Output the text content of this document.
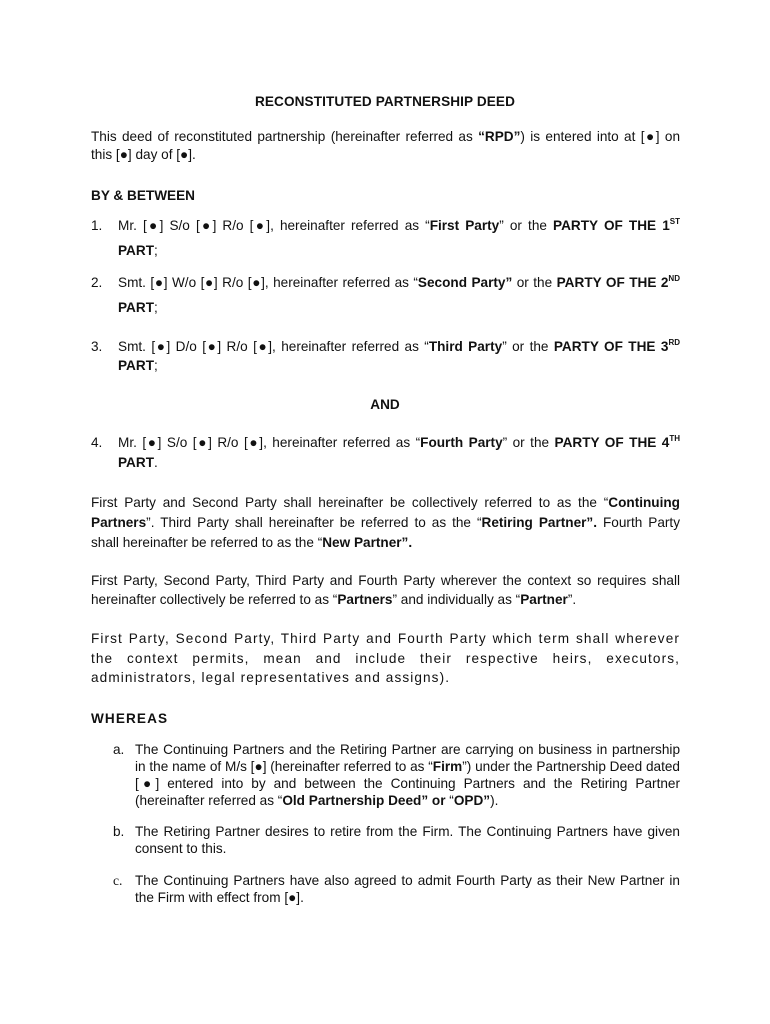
RECONSTITUTED PARTNERSHIP DEED
This deed of reconstituted partnership (hereinafter referred as “RPD”) is entered into at [●] on this [●] day of [●].
BY & BETWEEN
1. Mr. [●] S/o [●] R/o [●], hereinafter referred as “First Party” or the PARTY OF THE 1ST
PART;
2. Smt. [●] W/o [●] R/o [●], hereinafter referred as “Second Party” or the PARTY OF THE 2ND
PART;
3. Smt. [●] D/o [●] R/o [●], hereinafter referred as “Third Party” or the PARTY OF THE 3RD
PART;
AND
4. Mr. [●] S/o [●] R/o [●], hereinafter referred as “Fourth Party” or the PARTY OF THE 4TH
PART.
First Party and Second Party shall hereinafter be collectively referred to as the “Continuing Partners”. Third Party shall hereinafter be referred to as the “Retiring Partner”. Fourth Party shall hereinafter be referred to as the “New Partner”.
First Party, Second Party, Third Party and Fourth Party wherever the context so requires shall hereinafter collectively be referred to as “Partners” and individually as “Partner”.
First Party, Second Party, Third Party and Fourth Party which term shall wherever the context permits, mean and include their respective heirs, executors, administrators, legal representatives and assigns).
WHEREAS
a. The Continuing Partners and the Retiring Partner are carrying on business in partnership in the name of M/s [●] (hereinafter referred to as “Firm”) under the Partnership Deed dated [●] entered into by and between the Continuing Partners and the Retiring Partner (hereinafter referred as “Old Partnership Deed” or “OPD”).
b. The Retiring Partner desires to retire from the Firm. The Continuing Partners have given consent to this.
c. The Continuing Partners have also agreed to admit Fourth Party as their New Partner in the Firm with effect from [●].
